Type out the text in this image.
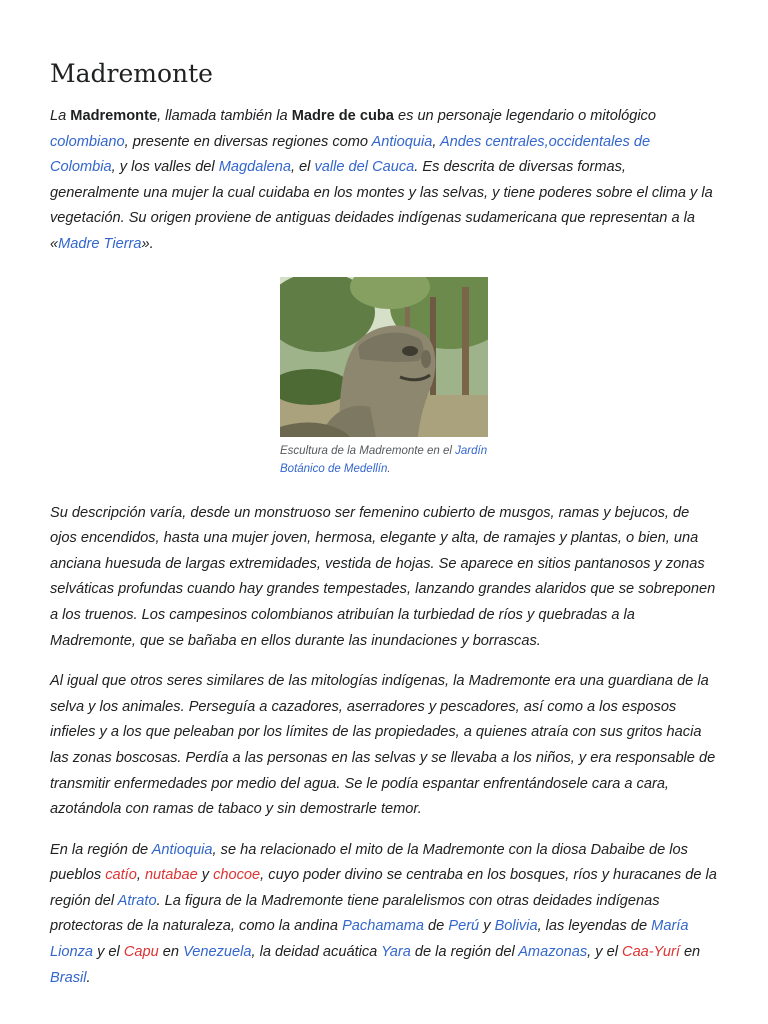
Madremonte

La Madremonte, llamada también la Madre de cuba es un personaje legendario o mitológico colombiano, presente en diversas regiones como Antioquia, Andes centrales,occidentales de Colombia, y los valles del Magdalena, el valle del Cauca. Es descrita de diversas formas, generalmente una mujer la cual cuidaba en los montes y las selvas, y tiene poderes sobre el clima y la vegetación. Su origen proviene de antiguas deidades indígenas sudamericana que representan a la «Madre Tierra».

Escultura de la Madremonte en el Jardín Botánico de Medellín.

Su descripción varía, desde un monstruoso ser femenino cubierto de musgos, ramas y bejucos, de ojos encendidos, hasta una mujer joven, hermosa, elegante y alta, de ramajes y plantas, o bien, una anciana huesuda de largas extremidades, vestida de hojas. Se aparece en sitios pantanosos y zonas selváticas profundas cuando hay grandes tempestades, lanzando grandes alaridos que se sobreponen a los truenos. Los campesinos colombianos atribuían la turbiedad de ríos y quebradas a la Madremonte, que se bañaba en ellos durante las inundaciones y borrascas.

Al igual que otros seres similares de las mitologías indígenas, la Madremonte era una guardiana de la selva y los animales. Perseguía a cazadores, aserradores y pescadores, así como a los esposos infieles y a los que peleaban por los límites de las propiedades, a quienes atraía con sus gritos hacia las zonas boscosas. Perdía a las personas en las selvas y se llevaba a los niños, y era responsable de transmitir enfermedades por medio del agua. Se le podía espantar enfrentándosele cara a cara, azotándola con ramas de tabaco y sin demostrarle temor.

En la región de Antioquia, se ha relacionado el mito de la Madremonte con la diosa Dabaibe de los pueblos catío, nutabae y chocoe, cuyo poder divino se centraba en los bosques, ríos y huracanes de la región del Atrato. La figura de la Madremonte tiene paralelismos con otras deidades indígenas protectoras de la naturaleza, como la andina Pachamama de Perú y Bolivia, las leyendas de María Lionza y el Capu en Venezuela, la deidad acuática Yara de la región del Amazonas, y el Caa-Yurí en Brasil.
